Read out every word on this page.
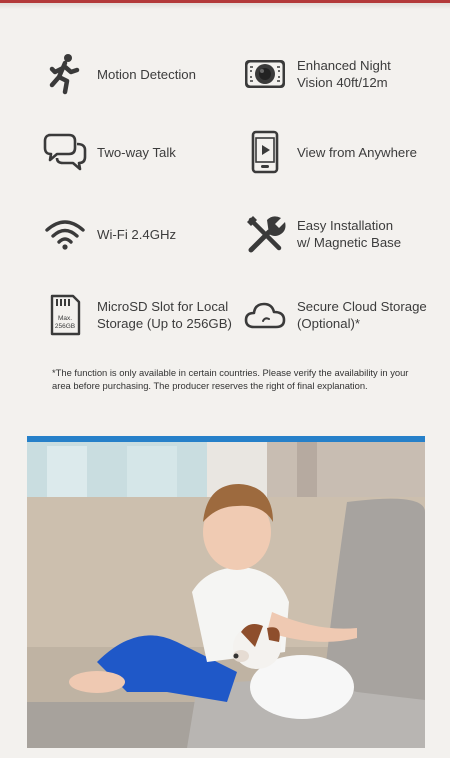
Motion Detection
Enhanced Night
Vision 40ft/12m
Two-way Talk	View from Anywhere
Wi-Fi 2.4GHz
Easy Installation
w/ Magnetic Base
Max.
256GB
MicroSD Slot for Local
Storage (Up to 256GB)
Secure Cloud Storage
(Optional)*
*The function is only available in certain countries. Please verify the availability in your area before purchasing. The producer reserves the right of final explanation.
